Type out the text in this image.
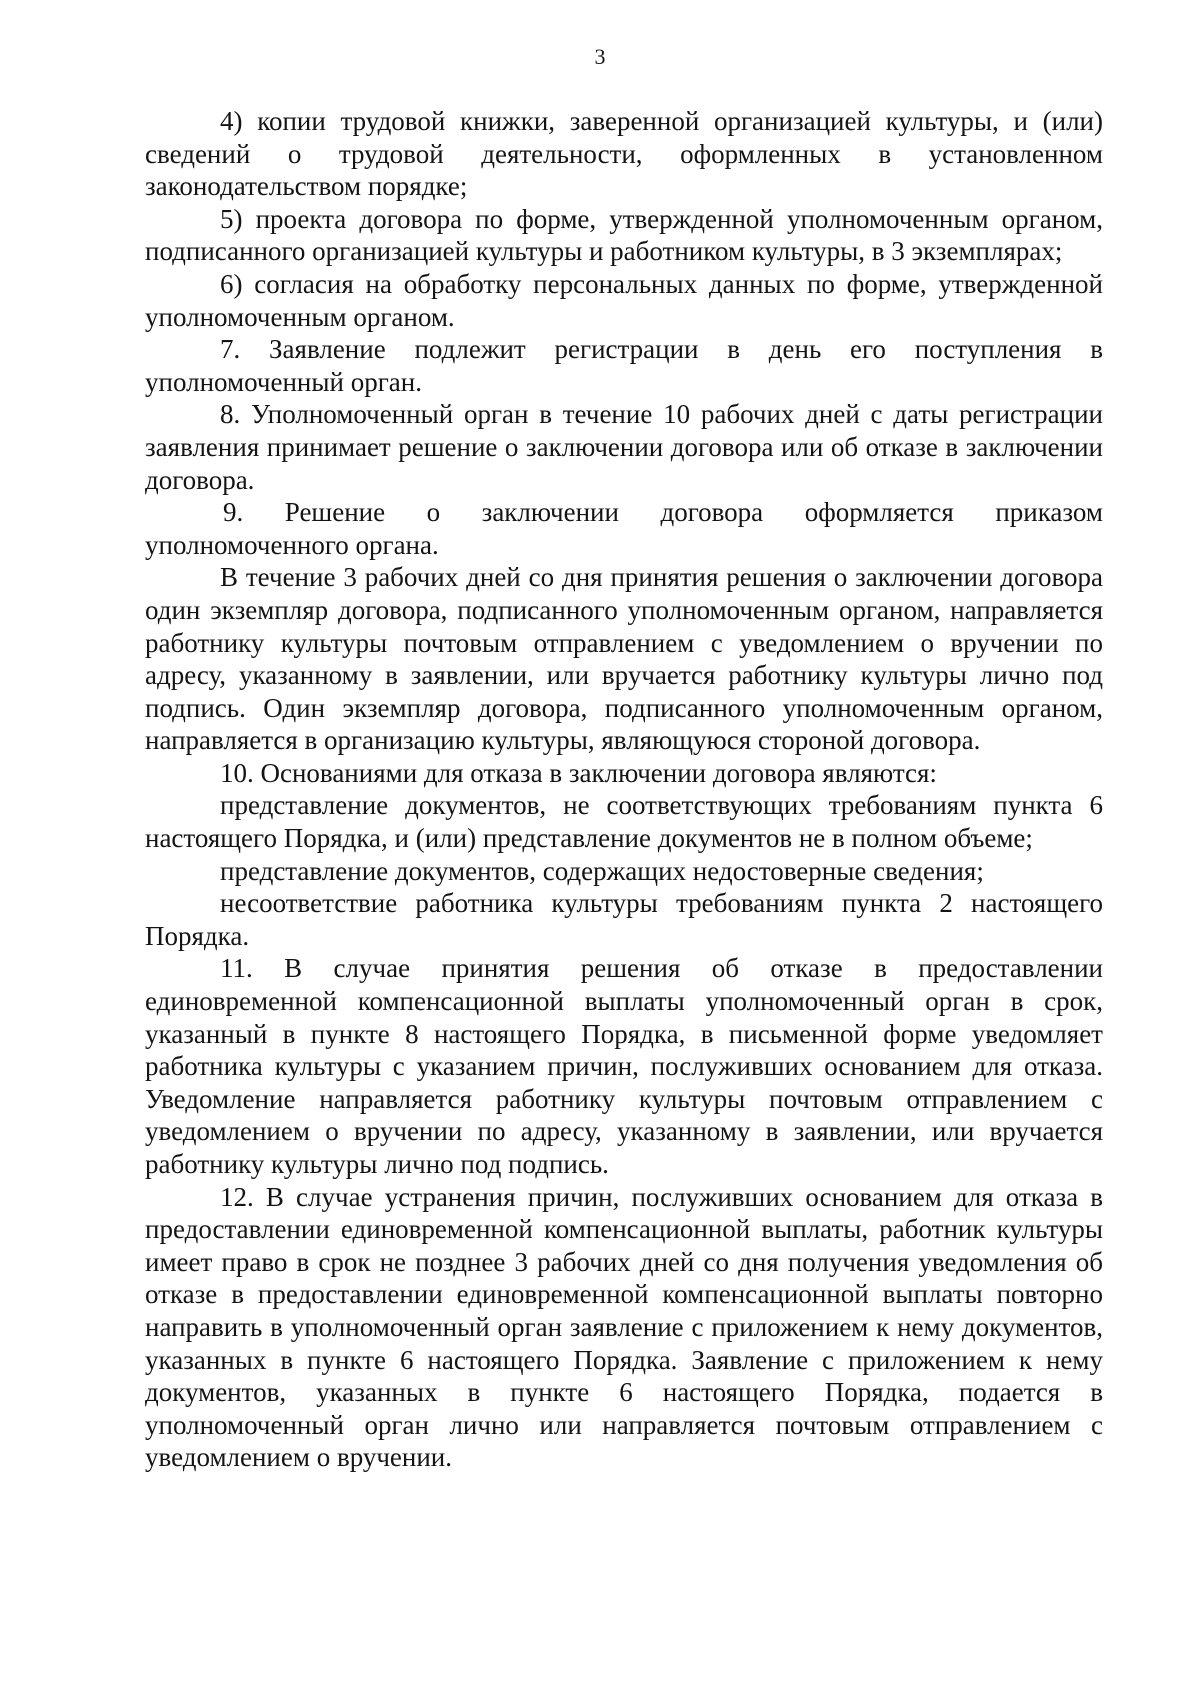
3

4) копии трудовой книжки, заверенной организацией культуры, и (или) сведений о трудовой деятельности, оформленных в установленном законодательством порядке;

5) проекта договора по форме, утвержденной уполномоченным органом, подписанного организацией культуры и работником культуры, в 3 экземплярах;

6) согласия на обработку персональных данных по форме, утвержденной уполномоченным органом.

7. Заявление подлежит регистрации в день его поступления в уполномоченный орган.

8. Уполномоченный орган в течение 10 рабочих дней с даты регистрации заявления принимает решение о заключении договора или об отказе в заключении договора.

9. Решение о заключении договора оформляется приказом уполномоченного органа.

В течение 3 рабочих дней со дня принятия решения о заключении договора один экземпляр договора, подписанного уполномоченным органом, направляется работнику культуры почтовым отправлением с уведомлением о вручении по адресу, указанному в заявлении, или вручается работнику культуры лично под подпись. Один экземпляр договора, подписанного уполномоченным органом, направляется в организацию культуры, являющуюся стороной договора.

10. Основаниями для отказа в заключении договора являются:

представление документов, не соответствующих требованиям пункта 6 настоящего Порядка, и (или) представление документов не в полном объеме;

представление документов, содержащих недостоверные сведения;

несоответствие работника культуры требованиям пункта 2 настоящего Порядка.

11. В случае принятия решения об отказе в предоставлении единовременной компенсационной выплаты уполномоченный орган в срок, указанный в пункте 8 настоящего Порядка, в письменной форме уведомляет работника культуры с указанием причин, послуживших основанием для отказа. Уведомление направляется работнику культуры почтовым отправлением с уведомлением о вручении по адресу, указанному в заявлении, или вручается работнику культуры лично под подпись.

12. В случае устранения причин, послуживших основанием для отказа в предоставлении единовременной компенсационной выплаты, работник культуры имеет право в срок не позднее 3 рабочих дней со дня получения уведомления об отказе в предоставлении единовременной компенсационной выплаты повторно направить в уполномоченный орган заявление с приложением к нему документов, указанных в пункте 6 настоящего Порядка. Заявление с приложением к нему документов, указанных в пункте 6 настоящего Порядка, подается в уполномоченный орган лично или направляется почтовым отправлением с уведомлением о вручении.
